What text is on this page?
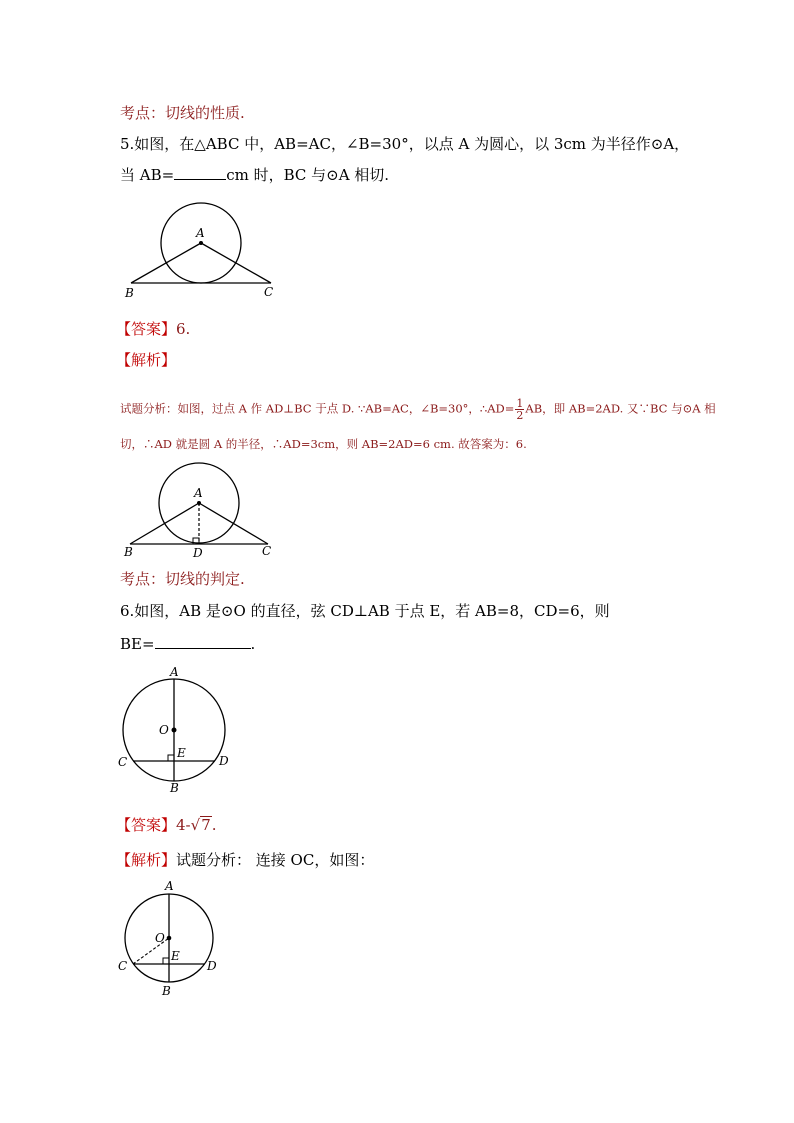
考点：切线的性质.
5.如图，在△ABC 中，AB=AC，∠B=30°，以点 A 为圆心，以 3cm 为半径作⊙A，
当 AB=	cm 时，BC 与⊙A 相切.
A
B	C
【答案】6.
【解析】
试题分析：如图，过点 A 作 AD⊥BC 于点 D. ∵AB=AC，∠B=30°，∴AD= $\frac{1}{2}$ AB，即 AB=2AD. 又∵BC 与⊙A 相
切，∴AD 就是圆 A 的半径，∴AD=3cm，则 AB=2AD=6 cm. 故答案为：6.
A
B	D	C
考点：切线的判定.
6.如图，AB 是⊙O 的直径，弦 CD⊥AB 于点 E，若 AB=8，CD=6，则
BE=	.
A
O
E
C	D
B
【答案】4-√7.
【解析】试题分析： 连接 OC，如图：
A
O
E
C	D
B
